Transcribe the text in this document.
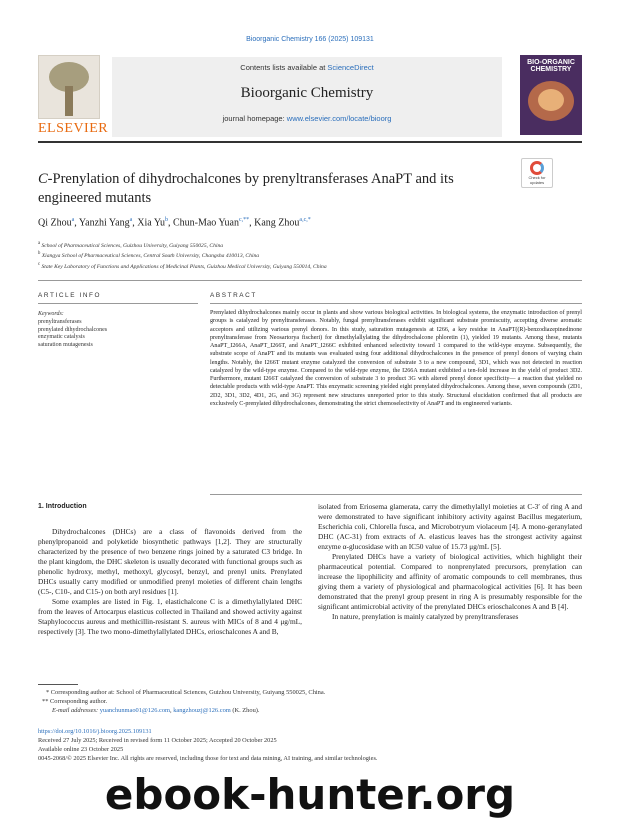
Bioorganic Chemistry 166 (2025) 109131
ELSEVIER
Contents lists available at ScienceDirect
Bioorganic Chemistry
journal homepage: www.elsevier.com/locate/bioorg
BIO-ORGANIC CHEMISTRY
C-Prenylation of dihydrochalcones by prenyltransferases AnaPT and its engineered mutants
Check for updates
Qi Zhou$^a$, Yanzhi Yang$^a$, Xia Yu$^b$, Chun-Mao Yuan$^{c,**}$, Kang Zhou$^{a,c,*}$
$^a$ School of Pharmaceutical Sciences, Guizhou University, Guiyang 550025, China
$^b$ Xiangya School of Pharmaceutical Sciences, Central South University, Changsha 410013, China
$^c$ State Key Laboratory of Functions and Applications of Medicinal Plants, Guizhou Medical University, Guiyang 550014, China
ARTICLE INFO	ABSTRACT
Keywords:
prenyltransferases
prenylated dihydrochalcones
enzymatic catalysis
saturation mutagenesis
Prenylated dihydrochalcones mainly occur in plants and show various biological activities. In biological systems, the enzymatic introduction of prenyl groups is catalyzed by prenyltransferases. Notably, fungal prenyltransferases exhibit significant substrate promiscuity, accepting diverse aromatic acceptors and utilizing various prenyl donors. In this study, saturation mutagenesis at I266, a key residue in AnaPT((R)-benzodiazepinedinone prenyltransferase from Neosartorya fischeri) for dimethylallylating the dihydrochalcone phloretin (1), yielded 19 mutants. Among these, mutants AnaPT_I266A, AnaPT_I266T, and AnaPT_I266C exhibited enhanced selectivity toward 1 compared to the wild-type enzyme. Subsequently, the substrate scope of AnaPT and its mutants was evaluated using four additional dihydrochalcones in the presence of prenyl donors of varying chain lengths. Notably, the I266T mutant enzyme catalyzed the conversion of substrate 3 to a new compound, 3D1, which was not detected in reaction catalyzed by the wild-type enzyme. Compared to the wild-type enzyme, the I266A mutant exhibited a ten-fold increase in the yield of product 3D2. Furthermore, mutant I266T catalyzed the conversion of substrate 3 to product 3G with altered prenyl donor specificity— a reaction that yielded no detectable products with wild-type AnaPT. This enzymatic screening yielded eight prenylated dihydrochalcones. Among these, seven compounds (2D1, 2D2, 3D1, 3D2, 4D1, 2G, and 3G) represent new structures unreported prior to this study. Structural elucidation confirmed that all products are exclusively C-prenylated dihydrochalcones, demonstrating the strict chemoselectivity of AnaPT and its engineered variants.

1. Introduction

Dihydrochalcones (DHCs) are a class of flavonoids derived from the phenylpropanoid and polyketide biosynthetic pathways [1,2]. They are structurally characterized by the presence of two benzene rings joined by a saturated C3 bridge. In the plant kingdom, the DHC skeleton is usually decorated with functional groups such as phenolic hydroxy, methyl, methoxyl, glycosyl, benzyl, and prenyl units. Prenylated DHCs usually carry modified or unmodified prenyl moieties of different chain lengths (C5-, C10-, and C15-) on both aryl residues [1].

Some examples are listed in Fig. 1, elastichalcone C is a dimethylallylated DHC from the leaves of Artocarpus elasticus collected in Thailand and showed activity against Staphylococcus aureus and methicillin-resistant S. aureus with MICs of 8 and 4 μg/mL, respectively [3]. The two mono-dimethylallylated DHCs, erioschalcones A and B,

isolated from Eriosema glamerata, carry the dimethylallyl moieties at C-3′ of ring A and were demonstrated to have significant inhibitory activity against Bacillus megaterium, Escherichia coli, Chlorella fusca, and Microbotryum violaceum [4]. A mono-geranylated DHC (AC-31) from extracts of A. elasticus leaves has the strongest activity against enzyme α-glucosidase with an IC50 value of 15.73 μg/mL [5].

Prenylated DHCs have a variety of biological activities, which highlight their pharmaceutical potential. Compared to nonprenylated precursors, prenylation can increase the lipophilicity and affinity of aromatic compounds to cell membranes, thus giving them a variety of physiological and pharmacological activities [6]. It has been demonstrated that the prenyl group present in ring A is presumably responsible for the significant antimicrobial activity of the prenylated DHCs erioschalcones A and B [4].

In nature, prenylation is mainly catalyzed by prenyltransferases

* Corresponding author at: School of Pharmaceutical Sciences, Guizhou University, Guiyang 550025, China.
** Corresponding author.
E-mail addresses: yuanchunmao01@126.com, kangzhouzj@126.com (K. Zhou).
https://doi.org/10.1016/j.bioorg.2025.109131
Received 27 July 2025; Received in revised form 11 October 2025; Accepted 20 October 2025
Available online 23 October 2025
0045-2068/© 2025 Elsevier Inc. All rights are reserved, including those for text and data mining, AI training, and similar technologies.
ebook-hunter.org
